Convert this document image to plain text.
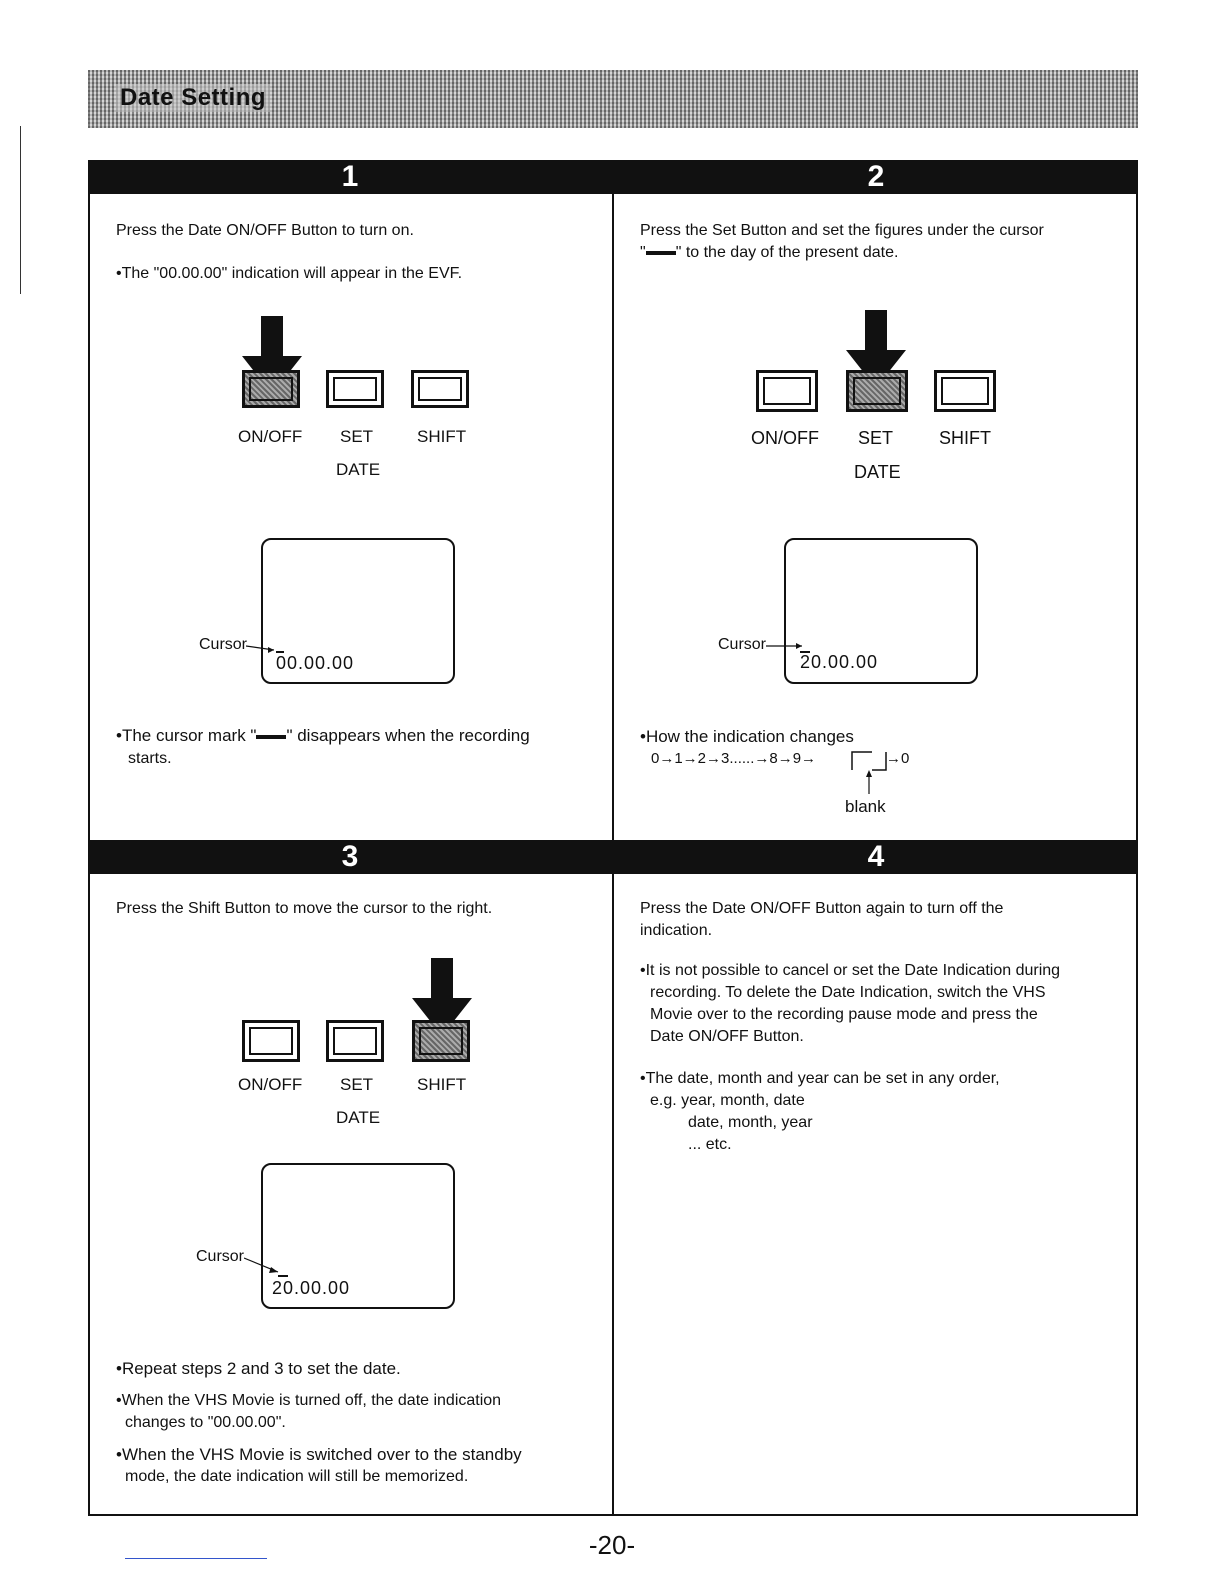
Date Setting
1
Press the Date ON/OFF Button to turn on.
•The "00.00.00" indication will appear in the EVF.
ON/OFF SET	SHIFT
DATE
Cursor
00.00.00
•The cursor mark " " disappears when the recording
starts.
2
Press the Set Button and set the figures under the cursor
" " to the day of the present date.
ON/OFF SET	SHIFT
DATE
Cursor
20.00.00
•How the indication changes
0→1→2→3......→8→9→	→0
blank
3
Press the Shift Button to move the cursor to the right.
ON/OFF SET	SHIFT
DATE
Cursor
20.00.00
•Repeat steps 2 and 3 to set the date.
•When the VHS Movie is turned off, the date indication
changes to "00.00.00".
•When the VHS Movie is switched over to the standby
mode, the date indication will still be memorized.
4
Press the Date ON/OFF Button again to turn off the
indication.
•It is not possible to cancel or set the Date Indication during
recording. To delete the Date Indication, switch the VHS
Movie over to the recording pause mode and press the
Date ON/OFF Button.
•The date, month and year can be set in any order,
e.g. year, month, date
date, month, year
... etc.
-20-
